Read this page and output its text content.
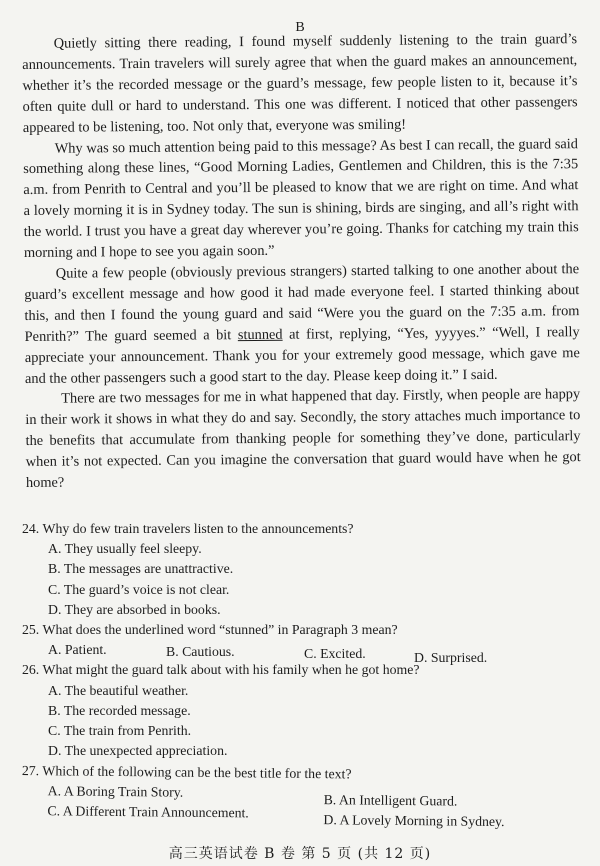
B

Quietly sitting there reading, I found myself suddenly listening to the train guard’s announcements. Train travelers will surely agree that when the guard makes an announcement, whether it’s the recorded message or the guard’s message, few people listen to it, because it’s often quite dull or hard to understand. This one was different. I noticed that other passengers appeared to be listening, too. Not only that, everyone was smiling!

Why was so much attention being paid to this message? As best I can recall, the guard said something along these lines, “Good Morning Ladies, Gentlemen and Children, this is the 7:35 a.m. from Penrith to Central and you’ll be pleased to know that we are right on time. And what a lovely morning it is in Sydney today. The sun is shining, birds are singing, and all’s right with the world. I trust you have a great day wherever you’re going. Thanks for catching my train this morning and I hope to see you again soon.”

Quite a few people (obviously previous strangers) started talking to one another about the guard’s excellent message and how good it had made everyone feel. I started thinking about this, and then I found the young guard and said “Were you the guard on the 7:35 a.m. from Penrith?” The guard seemed a bit stunned at first, replying, “Yes, yyyyes.” “Well, I really appreciate your announcement. Thank you for your extremely good message, which gave me and the other passengers such a good start to the day. Please keep doing it.” I said.

There are two messages for me in what happened that day. Firstly, when people are happy in their work it shows in what they do and say. Secondly, the story attaches much importance to the benefits that accumulate from thanking people for something they’ve done, particularly when it’s not expected. Can you imagine the conversation that guard would have when he got home?

24. Why do few train travelers listen to the announcements?

A. They usually feel sleepy.

B. The messages are unattractive.

C. The guard’s voice is not clear.

D. They are absorbed in books.

25. What does the underlined word “stunned” in Paragraph 3 mean?

A. Patient.	B. Cautious.	C. Excited.	D. Surprised.

26. What might the guard talk about with his family when he got home?

A. The beautiful weather.

B. The recorded message.

C. The train from Penrith.

D. The unexpected appreciation.

27. Which of the following can be the best title for the text?

A. A Boring Train Story.
B. An Intelligent Guard.
C. A Different Train Announcement.
D. A Lovely Morning in Sydney.
高三英语试卷 B 卷 第 5 页 (共 12 页)
